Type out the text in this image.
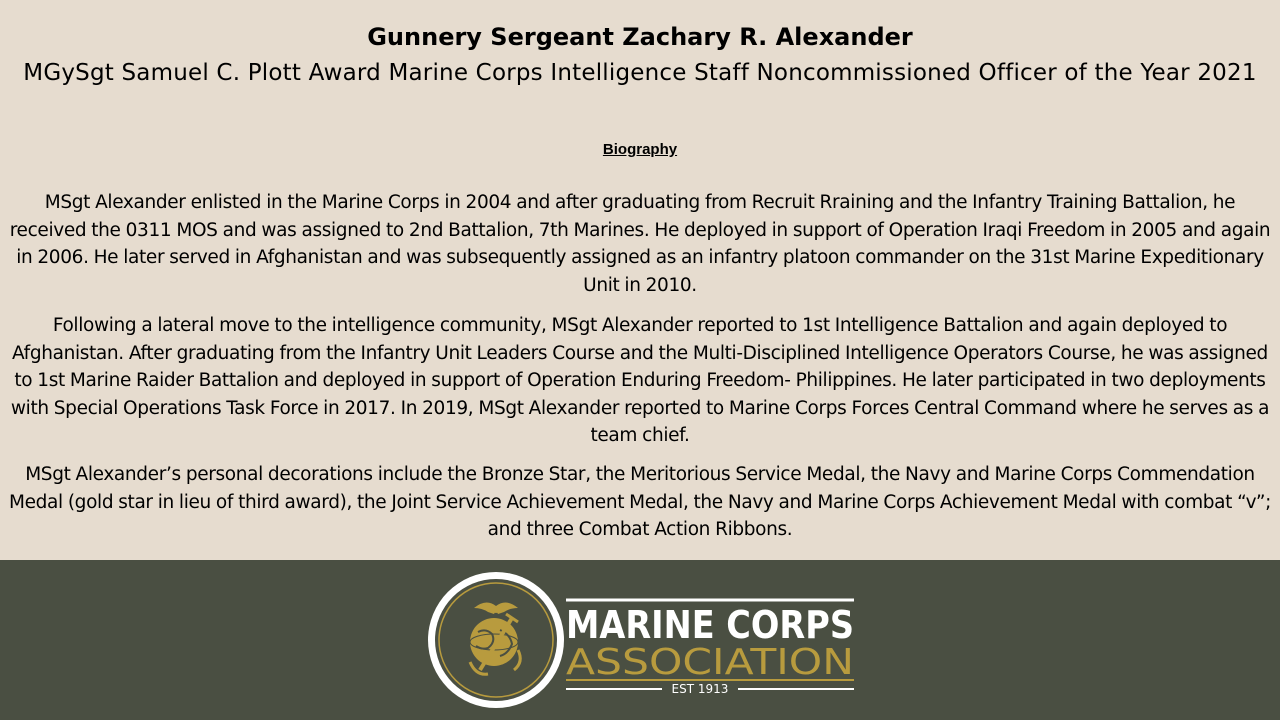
Gunnery Sergeant Zachary R. Alexander
MGySgt Samuel C. Plott Award Marine Corps Intelligence Staff Noncommissioned Officer of the Year 2021
Biography
MSgt Alexander enlisted in the Marine Corps in 2004 and after graduating from Recruit Rraining and the Infantry Training Battalion, he received the 0311 MOS and was assigned to 2nd Battalion, 7th Marines. He deployed in support of Operation Iraqi Freedom in 2005 and again in 2006. He later served in Afghanistan and was subsequently assigned as an infantry platoon commander on the 31st Marine Expeditionary Unit in 2010.
Following a lateral move to the intelligence community, MSgt Alexander reported to 1st Intelligence Battalion and again deployed to Afghanistan. After graduating from the Infantry Unit Leaders Course and the Multi-Disciplined Intelligence Operators Course, he was assigned to 1st Marine Raider Battalion and deployed in support of Operation Enduring Freedom- Philippines. He later participated in two deployments with Special Operations Task Force in 2017. In 2019, MSgt Alexander reported to Marine Corps Forces Central Command where he serves as a team chief.
MSgt Alexander’s personal decorations include the Bronze Star, the Meritorious Service Medal, the Navy and Marine Corps Commendation Medal (gold star in lieu of third award), the Joint Service Achievement Medal, the Navy and Marine Corps Achievement Medal with combat “v”; and three Combat Action Ribbons.
MARINE CORPS
ASSOCIATION
EST 1913
